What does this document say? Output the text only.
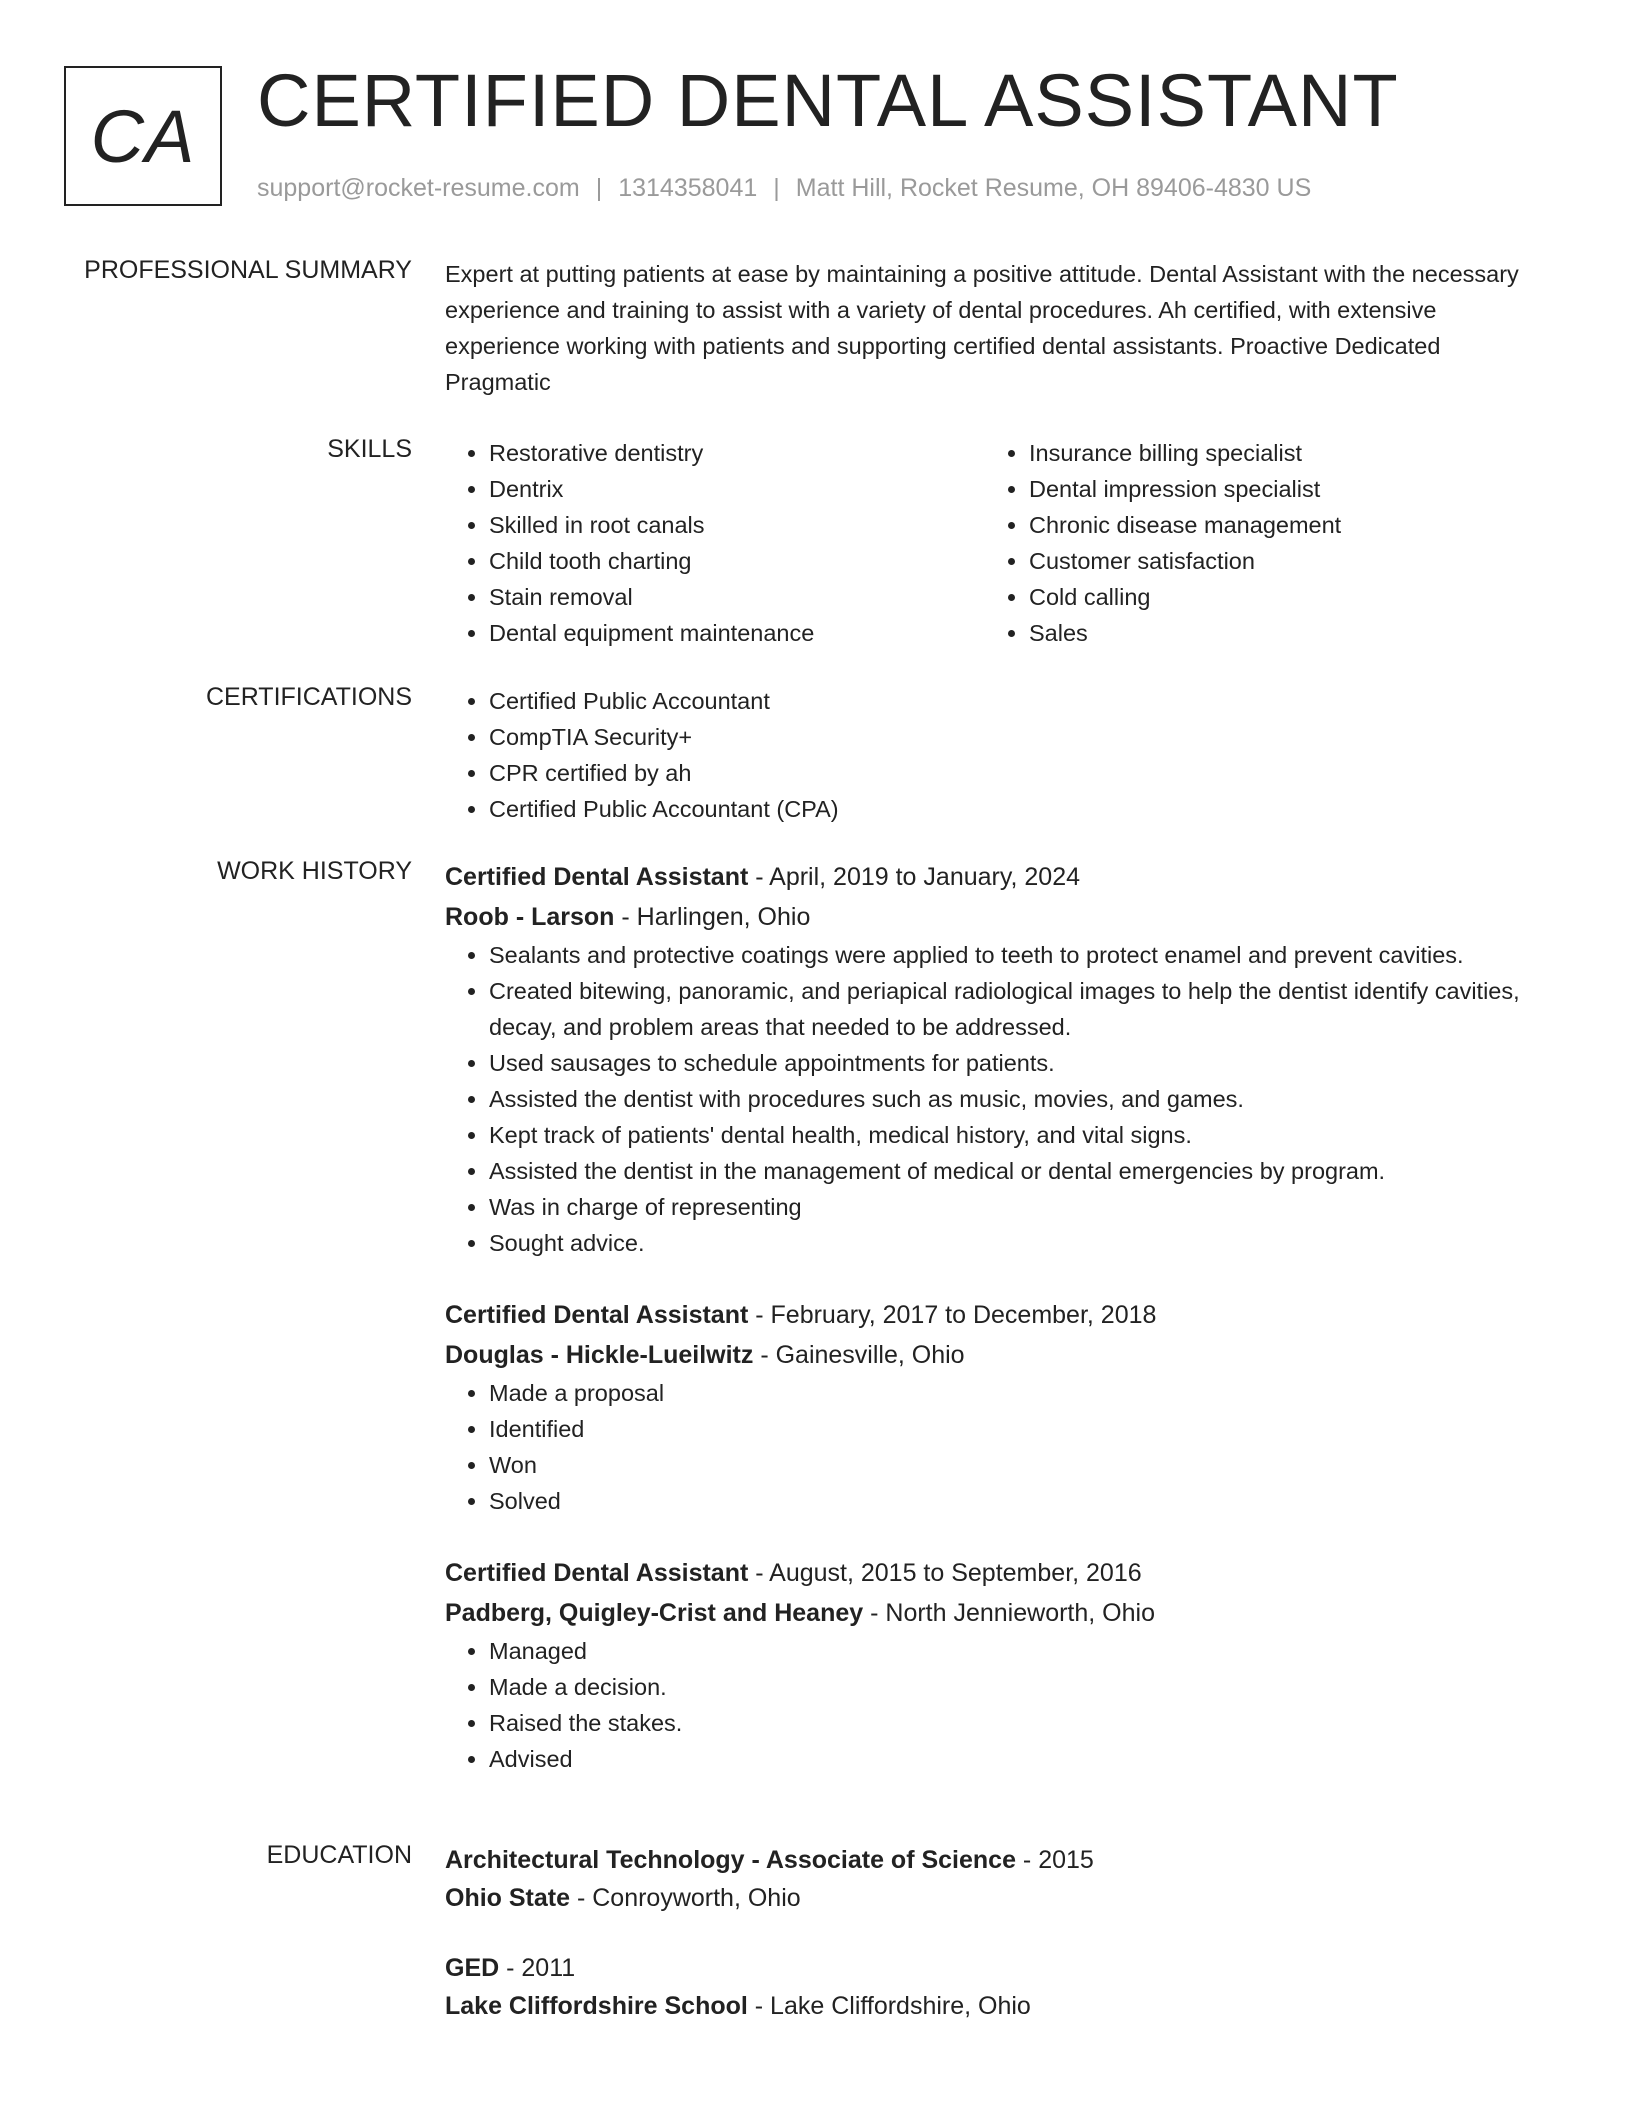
CA CERTIFIED DENTAL ASSISTANT
support@rocket-resume.com | 1314358041 | Matt Hill, Rocket Resume, OH 89406-4830 US
PROFESSIONAL SUMMARY Expert at putting patients at ease by maintaining a positive attitude. Dental Assistant with the necessary experience and training to assist with a variety of dental procedures. Ah certified, with extensive experience working with patients and supporting certified dental assistants. Proactive Dedicated Pragmatic

SKILLS	• Restorative dentistry
• Dentrix
• Skilled in root canals
• Child tooth charting
• Stain removal
• Dental equipment maintenance
• Insurance billing specialist
• Dental impression specialist
• Chronic disease management
• Customer satisfaction
• Cold calling
• Sales
CERTIFICATIONS	• Certified Public Accountant
• CompTIA Security+
• CPR certified by ah
• Certified Public Accountant (CPA)
WORK HISTORY Certified Dental Assistant - April, 2019 to January, 2024

Roob - Larson - Harlingen, Ohio

• Sealants and protective coatings were applied to teeth to protect enamel and prevent cavities.
• Created bitewing, panoramic, and periapical radiological images to help the dentist identify cavities, decay, and problem areas that needed to be addressed.
• Used sausages to schedule appointments for patients.
• Assisted the dentist with procedures such as music, movies, and games.
• Kept track of patients' dental health, medical history, and vital signs.
• Assisted the dentist in the management of medical or dental emergencies by program.
• Was in charge of representing
• Sought advice.

Certified Dental Assistant - February, 2017 to December, 2018

Douglas - Hickle-Lueilwitz - Gainesville, Ohio

• Made a proposal
• Identified
• Won
• Solved

Certified Dental Assistant - August, 2015 to September, 2016

Padberg, Quigley-Crist and Heaney - North Jennieworth, Ohio

• Managed
• Made a decision.
• Raised the stakes.
• Advised
EDUCATION Architectural Technology - Associate of Science - 2015

Ohio State - Conroyworth, Ohio

GED - 2011

Lake Cliffordshire School - Lake Cliffordshire, Ohio
